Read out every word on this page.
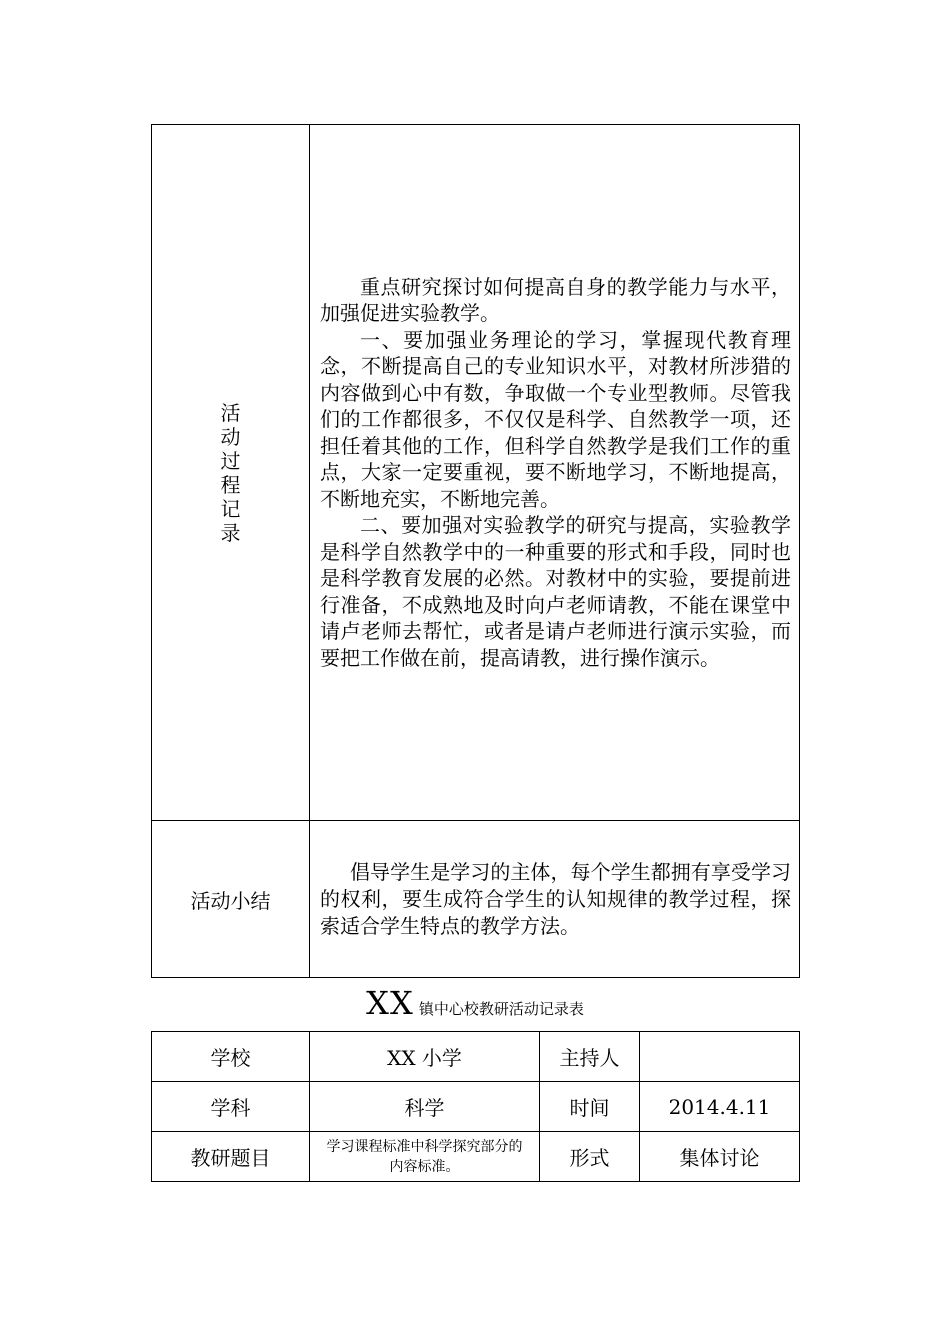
活动过程记录	重点研究探讨如何提高自身的教学能力与水平，加强促进实验教学。

一、要加强业务理论的学习，掌握现代教育理念，不断提高自己的专业知识水平，对教材所涉猎的内容做到心中有数，争取做一个专业型教师。尽管我们的工作都很多，不仅仅是科学、自然教学一项，还担任着其他的工作，但科学自然教学是我们工作的重点，大家一定要重视，要不断地学习，不断地提高，不断地充实，不断地完善。

二、要加强对实验教学的研究与提高，实验教学是科学自然教学中的一种重要的形式和手段，同时也是科学教育发展的必然。对教材中的实验，要提前进行准备，不成熟地及时向卢老师请教，不能在课堂中请卢老师去帮忙，或者是请卢老师进行演示实验，而要把工作做在前，提高请教，进行操作演示。

活动小结	倡导学生是学习的主体，每个学生都拥有享受学习的权利，要生成符合学生的认知规律的教学过程，探索适合学生特点的教学方法。

XX 镇中心校教研活动记录表
学校	XX 小学	主持人	
学科	科学	时间	2014.4.11
教研题目	学习课程标准中科学探究部分的内容标准。	形式	集体讨论
